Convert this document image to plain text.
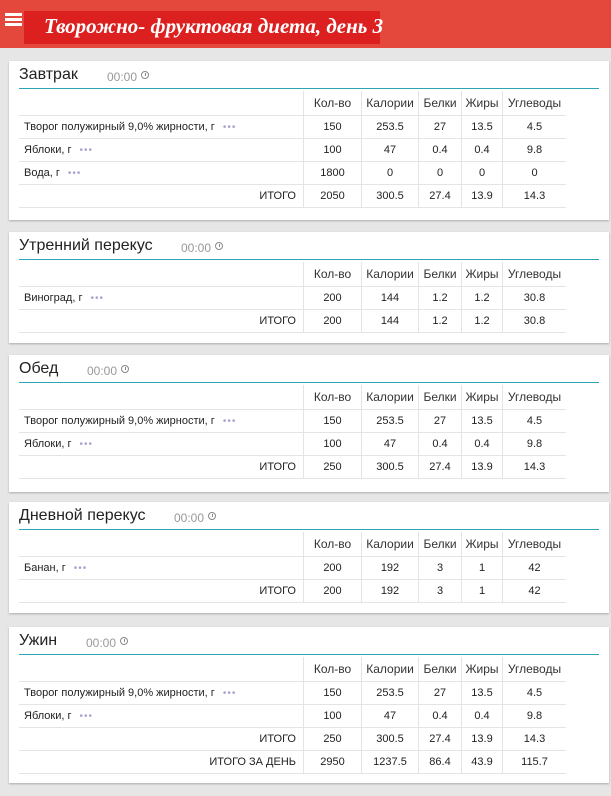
Творожно- фруктовая диета, день 3
Завтрак 00:00
	Кол-во	Калории	Белки	Жиры	Углеводы
Творог полужирный 9,0% жирности, г •••	150	253.5	27	13.5	4.5
Яблоки, г •••	100	47	0.4	0.4	9.8
Вода, г •••	1800	0	0	0	0
ИТОГО	2050	300.5	27.4	13.9	14.3
Утренний перекус 00:00
	Кол-во	Калории	Белки	Жиры	Углеводы
Виноград, г •••	200	144	1.2	1.2	30.8
ИТОГО	200	144	1.2	1.2	30.8
Обед 00:00
	Кол-во	Калории	Белки	Жиры	Углеводы
Творог полужирный 9,0% жирности, г •••	150	253.5	27	13.5	4.5
Яблоки, г •••	100	47	0.4	0.4	9.8
ИТОГО	250	300.5	27.4	13.9	14.3
Дневной перекус 00:00
	Кол-во	Калории	Белки	Жиры	Углеводы
Банан, г •••	200	192	3	1	42
ИТОГО	200	192	3	1	42
Ужин 00:00
	Кол-во	Калории	Белки	Жиры	Углеводы
Творог полужирный 9,0% жирности, г •••	150	253.5	27	13.5	4.5
Яблоки, г •••	100	47	0.4	0.4	9.8
ИТОГО	250	300.5	27.4	13.9	14.3
ИТОГО ЗА ДЕНЬ	2950	1237.5	86.4	43.9	115.7
